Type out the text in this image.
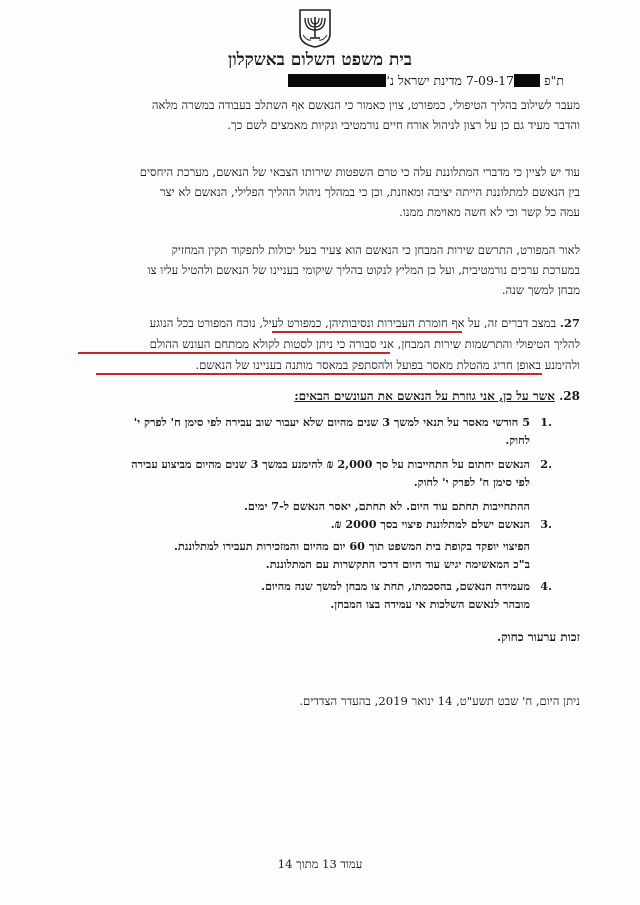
בית משפט השלום באשקלון
ת"פ 7-09-17 מדינת ישראל נ'
מעבר לשילוב בהליך הטיפולי, כמפורט, צוין כאמור כי הנאשם אף השתלב בעבודה במשרה מלאה
והדבר מעיד גם כן על רצון לניהול אורח חיים נורמטיבי ונקיות מאמצים לשם כך.
עוד יש לציין כי מדברי המתלוננת עלה כי טרם השפטות שירותו הצבאי של הנאשם, מערכת היחסים
בין הנאשם למתלוננת הייתה יציבה ומאוזנת, וכן כי במהלך ניהול ההליך הפלילי, הנאשם לא יצר
עמה כל קשר וכי לא חשה מאוימת ממנו.
לאור המפורט, התרשם שירות המבחן כי הנאשם הוא צעיר בעל יכולות לתפקוד תקין המחזיק
במערכת ערכים נורמטיבית, ועל כן המליץ לנקוט בהליך שיקומי בעניינו של הנאשם ולהטיל עליו צו
מבחן למשך שנה.
27. במצב דברים זה, על אף חומרת העבירות ונסיבותיהן, כמפורט לעיל, נוכח המפורט בכל הנוגע
להליך הטיפולי והתרשמות שירות המבחן, אני סבורה כי ניתן לסטות לקולא ממתחם העונש ההולם
ולהימנע באופן חריג מהטלת מאסר בפועל ולהסתפק במאסר מותנה בעניינו של הנאשם.
28. אשר על כן, אני גוזרת על הנאשם את העונשים הבאים:
.1
5 חודשי מאסר על תנאי למשך 3 שנים מהיום שלא יעבור שוב עבירה לפי סימן ח' לפרק י'
לחוק.
.2
הנאשם יחתום על התחייבות על סך 2,000 ₪ להימנע במשך 3 שנים מהיום מביצוע עבירה
לפי סימן ח' לפרק י' לחוק.
ההתחייבות תחתם עוד היום. לא תחתם, יאסר הנאשם ל-7 ימים.
.3
הנאשם ישלם למתלוננת פיצוי בסך 2000 ₪.
הפיצוי יופקד בקופת בית המשפט תוך 60 יום מהיום והמזכירות תעבירו למתלוננת.
ב"כ המאשימה יגיש עוד היום דרכי התקשרות עם המתלוננת.
.4
מעמידה הנאשם, בהסכמתו, תחת צו מבחן למשך שנה מהיום.
מובהר לנאשם השלכות אי עמידה בצו המבחן.
זכות ערעור כחוק.
ניתן היום, ח' שבט תשע"ט, 14 ינואר 2019, בהעדר הצדדים.
עמוד 13 מתוך 14
